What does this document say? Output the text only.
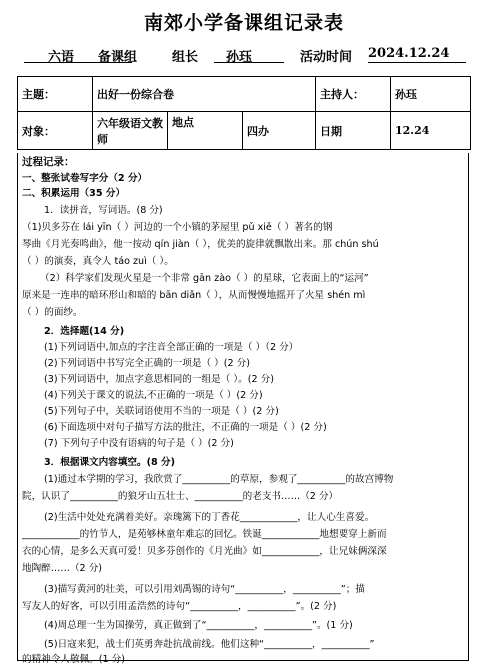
南郊小学备课组记录表
六语 备课组	组长 孙珏	活动时间 2024.12.24
主题：	出好一份综合卷			主持人：	孙珏
对象：	六年级语文教师	地点	四办	日期	12.24
过程记录：
一、整张试卷写字分（2 分）
二、积累运用（35 分）
1．读拼音，写词语。(8 分)
（1)贝多芬在 lái yīn（ ）河边的一个小镇的茅屋里 pǔ xiě（ ）著名的钢
琴曲《月光奏鸣曲》，他一按动 qín jiàn（ ），优美的旋律就飘散出来。那 chún shú
（ ）的演奏，真令人 táo zuì（ ）。
（2）科学家们发现火星是一个非常 gān zào（ ）的星球，它表面上的“运河”
原来是一连串的暗环形山和暗的 bān diǎn（ ），从而慢慢地摇开了火星 shén mì
（ ）的面纱。
2．选择题(14 分)
(1)下列词语中,加点的字注音全部正确的一项是（ ）（2 分）
(2)下列词语中书写完全正确的一项是（ ）(2 分)
(3)下列词语中，加点字意思相同的一组是（ ）。(2 分)
(4)下列关于课文的说法,不正确的一项是（ ）(2 分)
(5)下列句子中，关联词语使用不当的一项是（ ）(2 分)
(6)下面选项中对句子描写方法的批注，不正确的一项是（ ）(2 分)
(7) 下列句子中没有语病的句子是（ ）(2 分)
3．根据课文内容填空。(8 分)
(1)通过本学期的学习，我欣赏了__________的草原，参观了__________的故宫博物
院，认识了__________的狼牙山五壮士、__________的老支书……（2 分）
(2)生活中处处充满着美好。亲瑰篱下的丁香花____________，让人心生喜爱。
____________的竹节人，是苑够林童年难忘的回忆。铁诞____________地想要穿上新而
衣的心情，是多么天真可爱！贝多芬创作的《月光曲》如____________，让兄妹俩深深
地陶醉……（2 分)
(3)描写黄河的壮美，可以引用刘禹锡的诗句“__________，__________”；描
写友人的好客，可以引用孟浩然的诗句“__________，__________”。(2 分)
(4)周总理一生为国操劳，真正做到了“__________，__________”。(1 分)
(5)日寇来犯，战士们英勇奔赴抗战前线。他们这种“__________，__________”
的精神令人敬佩。(1 分)
